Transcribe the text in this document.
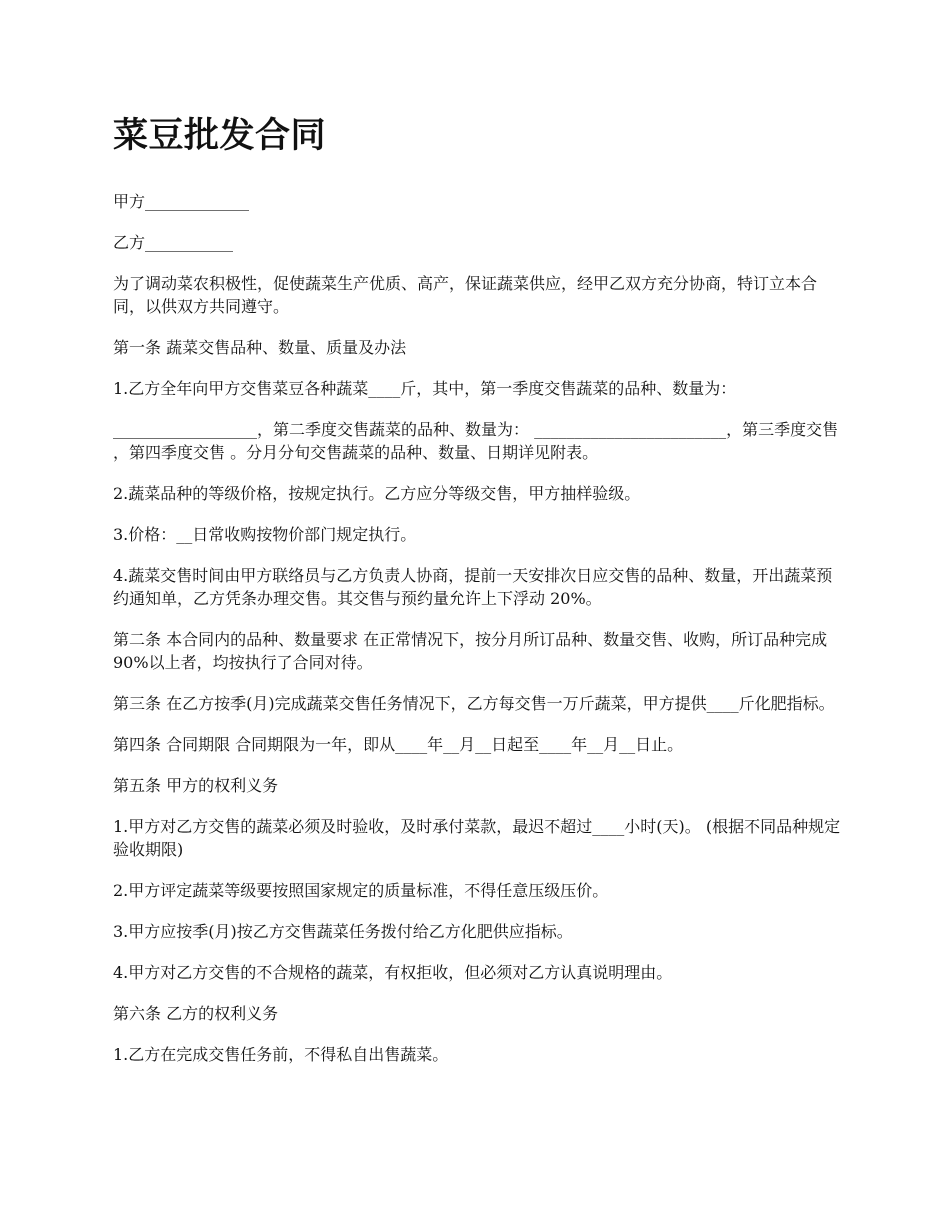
菜豆批发合同

甲方_____________

乙方___________

为了调动菜农积极性，促使蔬菜生产优质、高产，保证蔬菜供应，经甲乙双方充分协商，特订立本合同，以供双方共同遵守。

第一条 蔬菜交售品种、数量、质量及办法

1.乙方全年向甲方交售菜豆各种蔬菜____斤，其中，第一季度交售蔬菜的品种、数量为：

__________________，第二季度交售蔬菜的品种、数量为： ________________________，第三季度交售 ，第四季度交售 。分月分旬交售蔬菜的品种、数量、日期详见附表。

2.蔬菜品种的等级价格，按规定执行。乙方应分等级交售，甲方抽样验级。

3.价格：__日常收购按物价部门规定执行。

4.蔬菜交售时间由甲方联络员与乙方负责人协商，提前一天安排次日应交售的品种、数量，开出蔬菜预约通知单，乙方凭条办理交售。其交售与预约量允许上下浮动 20%。

第二条 本合同内的品种、数量要求 在正常情况下，按分月所订品种、数量交售、收购，所订品种完成 90%以上者，均按执行了合同对待。

第三条 在乙方按季(月)完成蔬菜交售任务情况下，乙方每交售一万斤蔬菜，甲方提供____斤化肥指标。

第四条 合同期限 合同期限为一年，即从____年__月__日起至____年__月__日止。

第五条 甲方的权利义务

1.甲方对乙方交售的蔬菜必须及时验收，及时承付菜款，最迟不超过____小时(天)。 (根据不同品种规定验收期限)

2.甲方评定蔬菜等级要按照国家规定的质量标准，不得任意压级压价。

3.甲方应按季(月)按乙方交售蔬菜任务拨付给乙方化肥供应指标。

4.甲方对乙方交售的不合规格的蔬菜，有权拒收，但必须对乙方认真说明理由。

第六条 乙方的权利义务

1.乙方在完成交售任务前，不得私自出售蔬菜。
